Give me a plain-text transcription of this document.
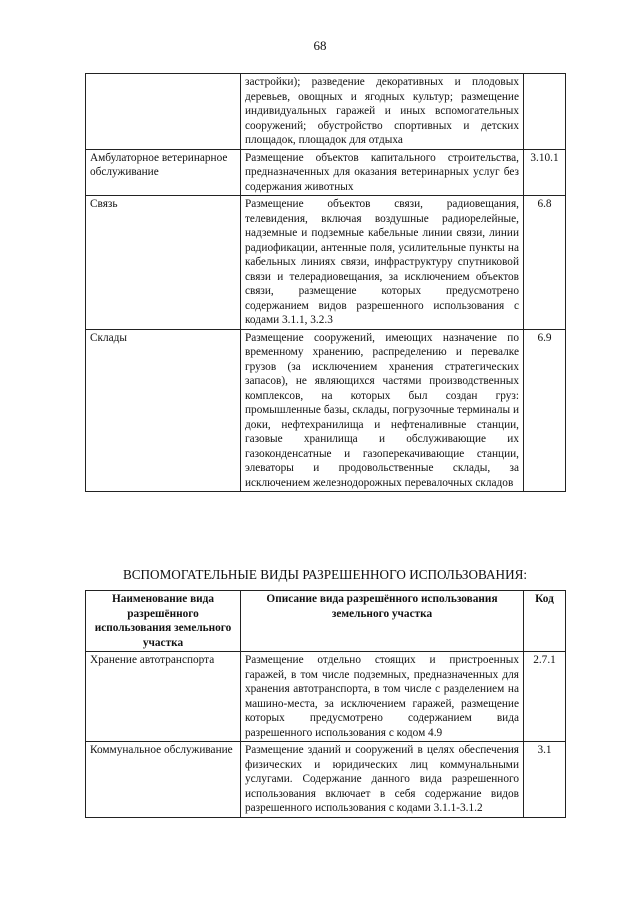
68
	застройки); разведение декоративных и плодовых деревьев, овощных и ягодных культур; размещение индивидуальных гаражей и иных вспомогательных сооружений; обустройство спортивных и детских площадок, площадок для отдыха	
Амбулаторное ветеринарное обслуживание	Размещение объектов капитального строительства, предназначенных для оказания ветеринарных услуг без содержания животных	3.10.1
Связь	Размещение объектов связи, радиовещания, телевидения, включая воздушные радиорелейные, надземные и подземные кабельные линии связи, линии радиофикации, антенные поля, усилительные пункты на кабельных линиях связи, инфраструктуру спутниковой связи и телерадиовещания, за исключением объектов связи, размещение которых предусмотрено содержанием видов разрешенного использования с кодами 3.1.1, 3.2.3	6.8
Склады	Размещение сооружений, имеющих назначение по временному хранению, распределению и перевалке грузов (за исключением хранения стратегических запасов), не являющихся частями производственных комплексов, на которых был создан груз: промышленные базы, склады, погрузочные терминалы и доки, нефтехранилища и нефтеналивные станции, газовые хранилища и обслуживающие их газоконденсатные и газоперекачивающие станции, элеваторы и продовольственные склады, за исключением железнодорожных перевалочных складов	6.9
ВСПОМОГАТЕЛЬНЫЕ ВИДЫ РАЗРЕШЕННОГО ИСПОЛЬЗОВАНИЯ:
Наименование вида разрешённого использования земельного участка	Описание вида разрешённого использования земельного участка	Код
Хранение автотранспорта	Размещение отдельно стоящих и пристроенных гаражей, в том числе подземных, предназначенных для хранения автотранспорта, в том числе с разделением на машино-места, за исключением гаражей, размещение которых предусмотрено содержанием вида разрешенного использования с кодом 4.9	2.7.1
Коммунальное обслуживание	Размещение зданий и сооружений в целях обеспечения физических и юридических лиц коммунальными услугами. Содержание данного вида разрешенного использования включает в себя содержание видов разрешенного использования с кодами 3.1.1-3.1.2	3.1
